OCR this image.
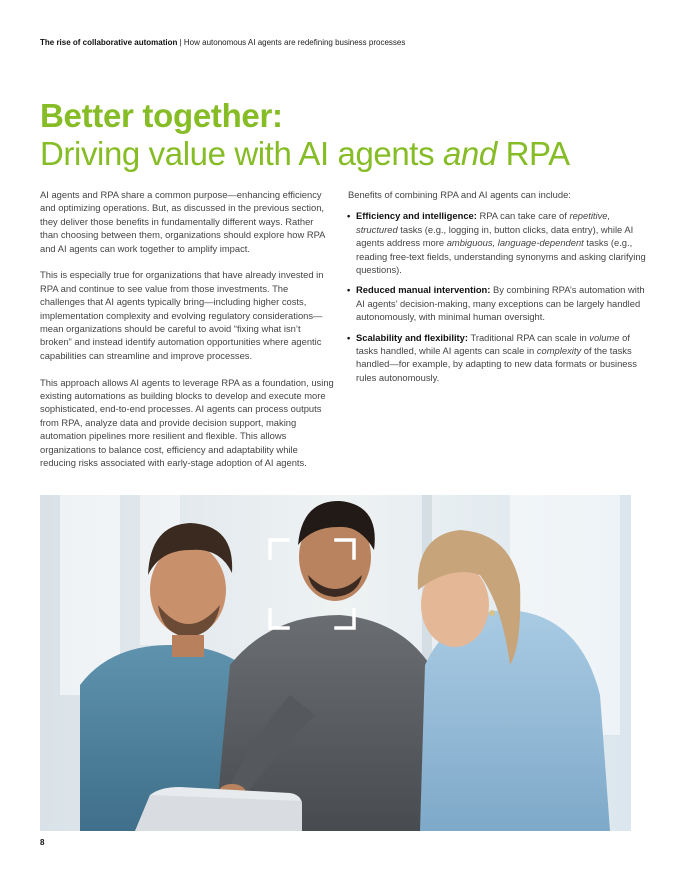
The rise of collaborative automation | How autonomous AI agents are redefining business processes
Better together:
Driving value with AI agents and RPA

AI agents and RPA share a common purpose—enhancing efficiency and optimizing operations. But, as discussed in the previous section, they deliver those benefits in fundamentally different ways. Rather than choosing between them, organizations should explore how RPA and AI agents can work together to amplify impact.

This is especially true for organizations that have already invested in RPA and continue to see value from those investments. The challenges that AI agents typically bring—including higher costs, implementation complexity and evolving regulatory considerations—mean organizations should be careful to avoid “fixing what isn’t broken” and instead identify automation opportunities where agentic capabilities can streamline and improve processes.

This approach allows AI agents to leverage RPA as a foundation, using existing automations as building blocks to develop and execute more sophisticated, end-to-end processes. AI agents can process outputs from RPA, analyze data and provide decision support, making automation pipelines more resilient and flexible. This allows organizations to balance cost, efficiency and adaptability while reducing risks associated with early-stage adoption of AI agents.

Benefits of combining RPA and AI agents can include:

• Efficiency and intelligence: RPA can take care of repetitive, structured tasks (e.g., logging in, button clicks, data entry), while AI agents address more ambiguous, language-dependent tasks (e.g., reading free-text fields, understanding synonyms and asking clarifying questions).
• Reduced manual intervention: By combining RPA’s automation with AI agents’ decision-making, many exceptions can be largely handled autonomously, with minimal human oversight.
• Scalability and flexibility: Traditional RPA can scale in volume of tasks handled, while AI agents can scale in complexity of the tasks handled—for example, by adapting to new data formats or business rules autonomously.
8
